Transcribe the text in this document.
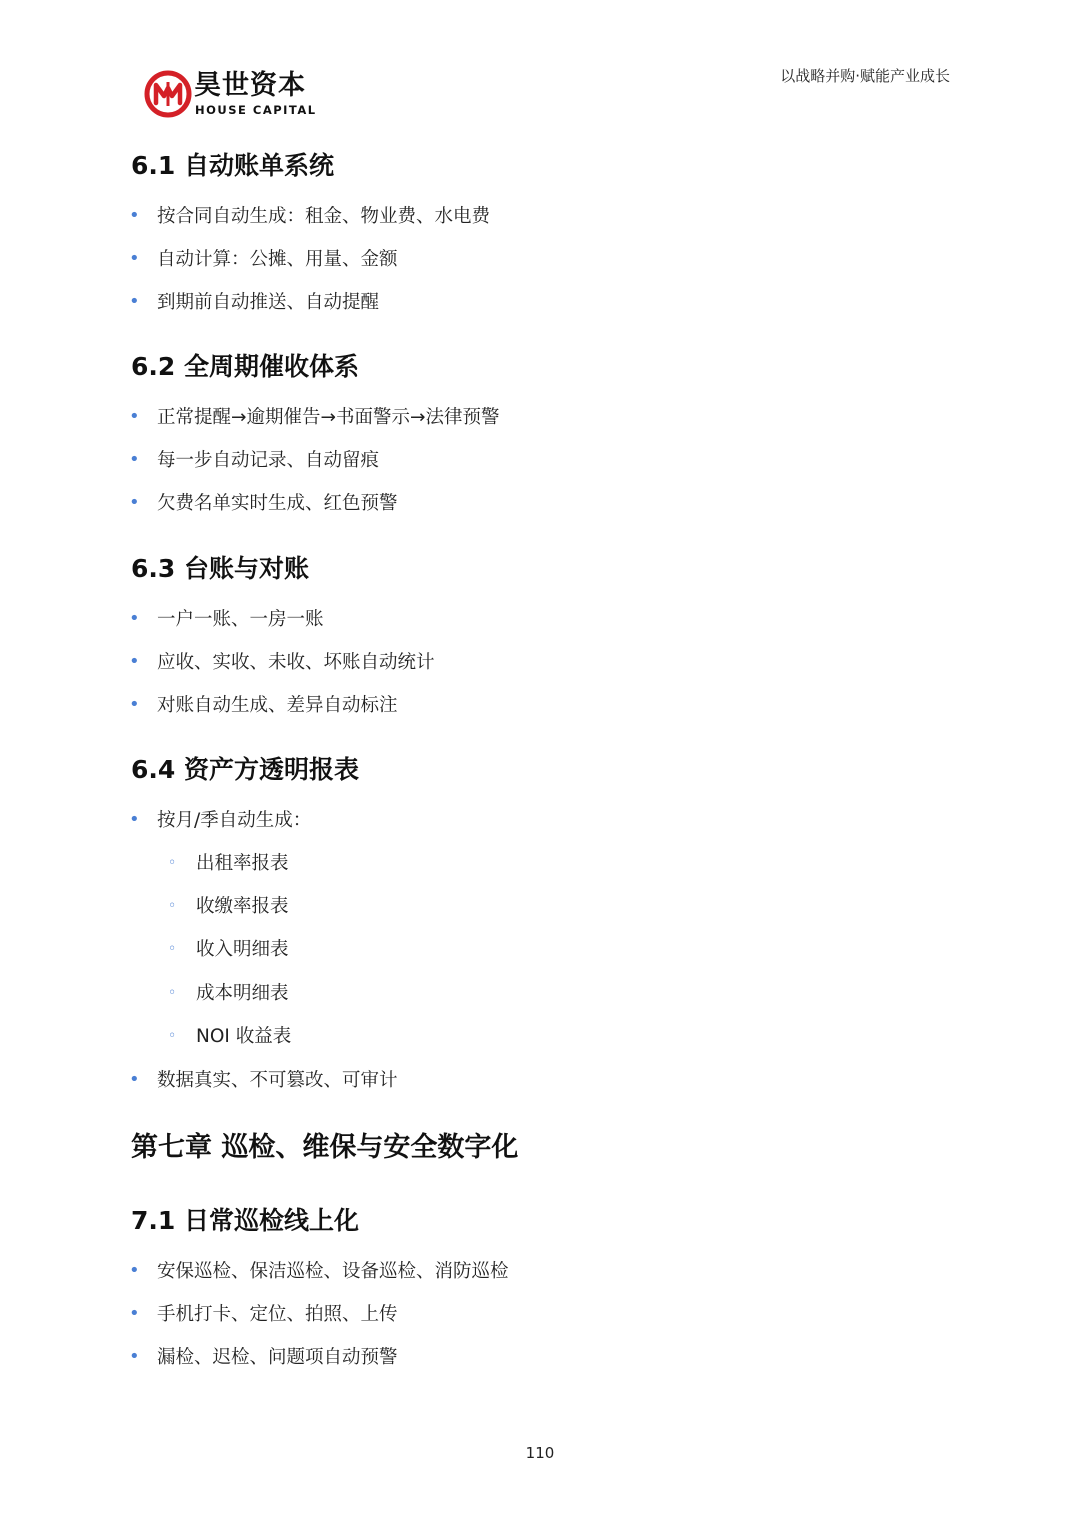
昊世资本
HOUSE CAPITAL
以战略并购·赋能产业成长
6.1 自动账单系统
• 按合同自动生成：租金、物业费、水电费
• 自动计算：公摊、用量、金额
• 到期前自动推送、自动提醒
6.2 全周期催收体系
• 正常提醒→逾期催告→书面警示→法律预警
• 每一步自动记录、自动留痕
• 欠费名单实时生成、红色预警
6.3 台账与对账
• 一户一账、一房一账
• 应收、实收、未收、坏账自动统计
• 对账自动生成、差异自动标注
6.4 资产方透明报表
• 按月/季自动生成：
◦ 出租率报表
◦ 收缴率报表
◦ 收入明细表
◦ 成本明细表
◦ NOI 收益表
• 数据真实、不可篡改、可审计
第七章 巡检、维保与安全数字化
7.1 日常巡检线上化
• 安保巡检、保洁巡检、设备巡检、消防巡检
• 手机打卡、定位、拍照、上传
• 漏检、迟检、问题项自动预警
110
